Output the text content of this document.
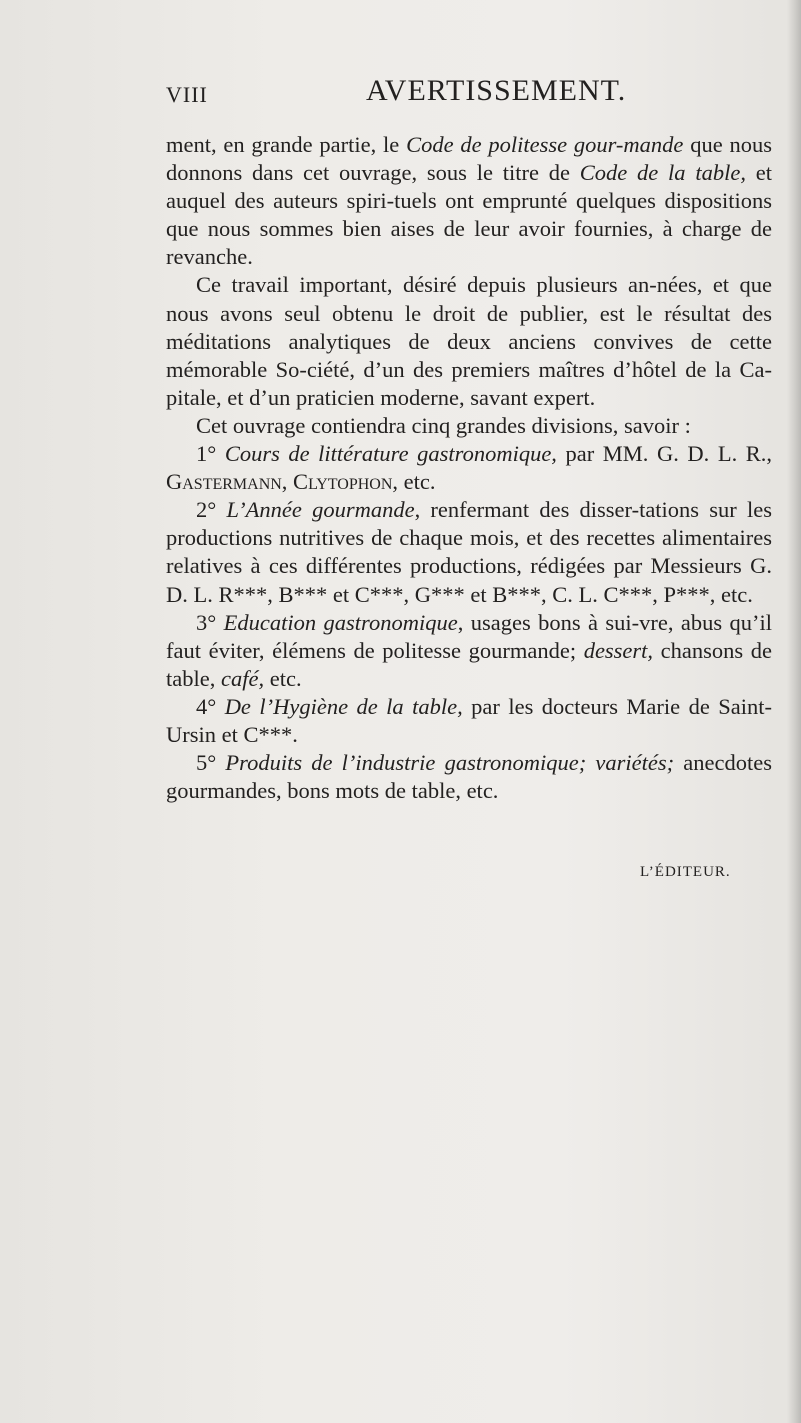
VIII	AVERTISSEMENT.

ment, en grande partie, le Code de politesse gour-mande que nous donnons dans cet ouvrage, sous le titre de Code de la table, et auquel des auteurs spiri-tuels ont emprunté quelques dispositions que nous sommes bien aises de leur avoir fournies, à charge de revanche.

Ce travail important, désiré depuis plusieurs an-nées, et que nous avons seul obtenu le droit de publier, est le résultat des méditations analytiques de deux anciens convives de cette mémorable So-ciété, d’un des premiers maîtres d’hôtel de la Ca-pitale, et d’un praticien moderne, savant expert.

Cet ouvrage contiendra cinq grandes divisions, savoir :

1° Cours de littérature gastronomique, par MM. G. D. L. R., Gastermann, Clytophon, etc.

2° L’Année gourmande, renfermant des disser-tations sur les productions nutritives de chaque mois, et des recettes alimentaires relatives à ces différentes productions, rédigées par Messieurs G. D. L. R***, B*** et C***, G*** et B***, C. L. C***, P***, etc.

3° Education gastronomique, usages bons à sui-vre, abus qu’il faut éviter, élémens de politesse gourmande; dessert, chansons de table, café, etc.

4° De l’Hygiène de la table, par les docteurs Marie de Saint-Ursin et C***.

5° Produits de l’industrie gastronomique; variétés; anecdotes gourmandes, bons mots de table, etc.

L’ÉDITEUR.
